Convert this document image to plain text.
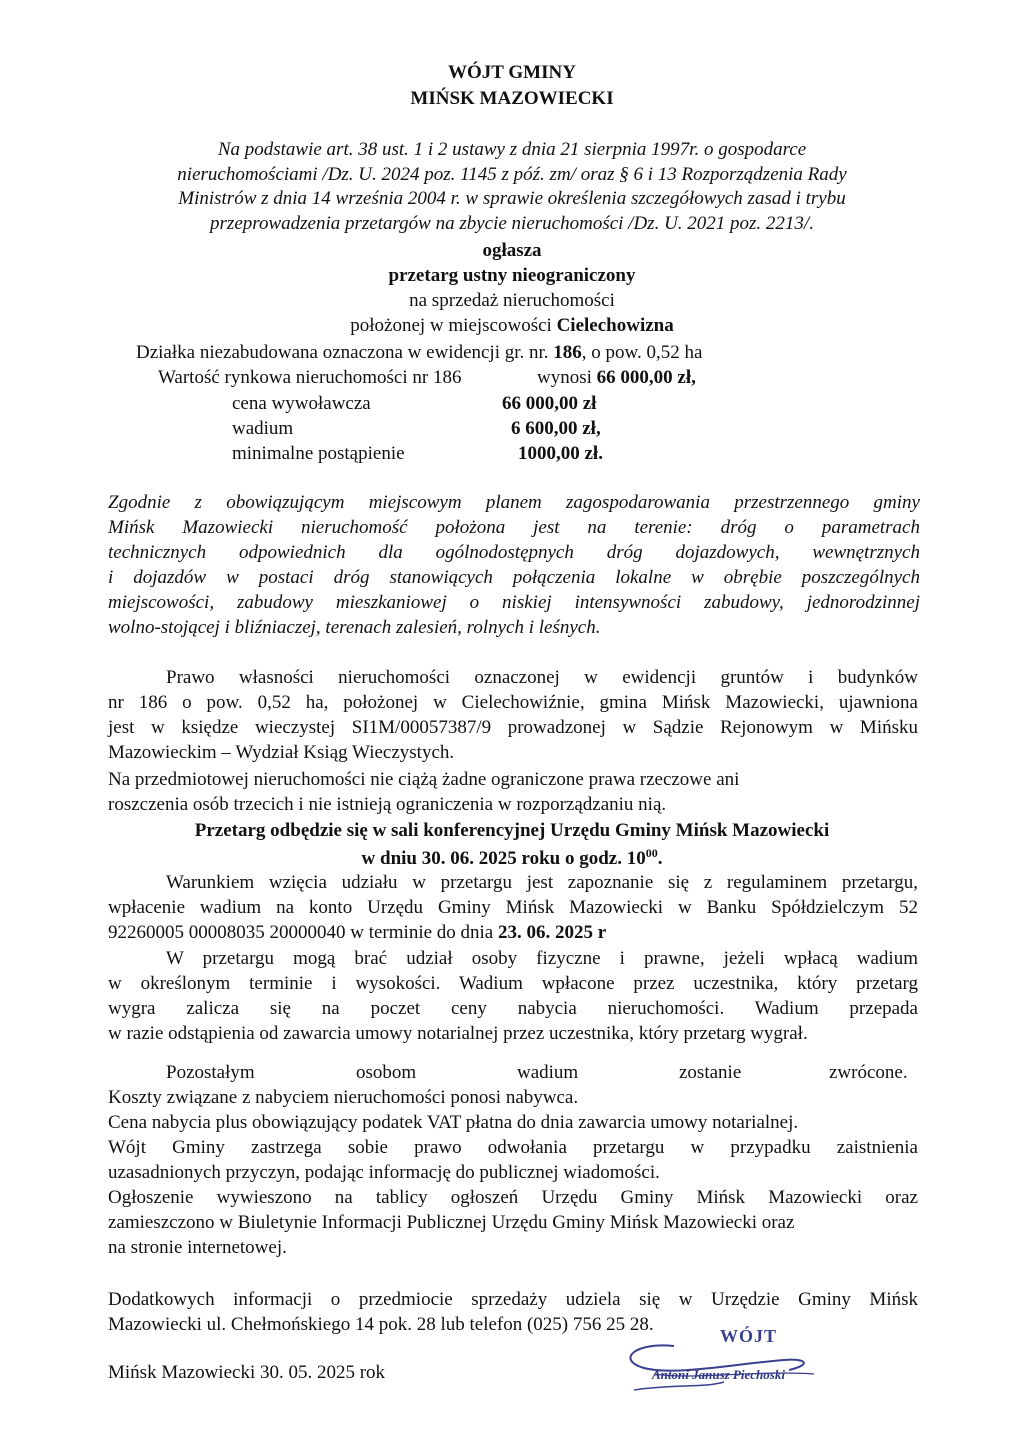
WÓJT GMINY
MIŃSK MAZOWIECKI
Na podstawie art. 38 ust. 1 i 2 ustawy z dnia 21 sierpnia 1997r. o gospodarce
nieruchomościami /Dz. U. 2024 poz. 1145 z póź. zm/ oraz § 6 i 13 Rozporządzenia Rady
Ministrów z dnia 14 września 2004 r. w sprawie określenia szczegółowych zasad i trybu
przeprowadzenia przetargów na zbycie nieruchomości /Dz. U. 2021 poz. 2213/.
ogłasza
przetarg ustny nieograniczony
na sprzedaż nieruchomości
położonej w miejscowości Cielechowizna
Działka niezabudowana oznaczona w ewidencji gr. nr. 186, o pow. 0,52 ha
Wartość rynkowa nieruchomości nr 186	wynosi 66 000,00 zł,
cena wywoławcza	66 000,00 zł
wadium	6 600,00 zł,
minimalne postąpienie	1000,00 zł.
Zgodnie z obowiązującym miejscowym planem zagospodarowania przestrzennego gminy
Mińsk Mazowiecki nieruchomość położona jest na terenie: dróg o parametrach
technicznych odpowiednich dla ogólnodostępnych dróg dojazdowych, wewnętrznych
i dojazdów w postaci dróg stanowiących połączenia lokalne w obrębie poszczególnych
miejscowości, zabudowy mieszkaniowej o niskiej intensywności zabudowy, jednorodzinnej
wolno-stojącej i bliźniaczej, terenach zalesień, rolnych i leśnych.
Prawo własności nieruchomości oznaczonej w ewidencji gruntów i budynków
nr 186 o pow. 0,52 ha, położonej w Cielechowiźnie, gmina Mińsk Mazowiecki, ujawniona
jest w księdze wieczystej SI1M/00057387/9 prowadzonej w Sądzie Rejonowym w Mińsku
Mazowieckim – Wydział Ksiąg Wieczystych.
Na przedmiotowej nieruchomości nie ciążą żadne ograniczone prawa rzeczowe ani
roszczenia osób trzecich i nie istnieją ograniczenia w rozporządzaniu nią.
Przetarg odbędzie się w sali konferencyjnej Urzędu Gminy Mińsk Mazowiecki
w dniu 30. 06. 2025 roku o godz. $10^{00}$.
Warunkiem wzięcia udziału w przetargu jest zapoznanie się z regulaminem przetargu,
wpłacenie wadium na konto Urzędu Gminy Mińsk Mazowiecki w Banku Spółdzielczym 52
92260005 00008035 20000040 w terminie do dnia 23. 06. 2025 r
W przetargu mogą brać udział osoby fizyczne i prawne, jeżeli wpłacą wadium
w określonym terminie i wysokości. Wadium wpłacone przez uczestnika, który przetarg
wygra zalicza się na poczet ceny nabycia nieruchomości. Wadium przepada
w razie odstąpienia od zawarcia umowy notarialnej przez uczestnika, który przetarg wygrał.
Pozostałym	osobom	wadium	zostanie	zwrócone.
Koszty związane z nabyciem nieruchomości ponosi nabywca.
Cena nabycia plus obowiązujący podatek VAT płatna do dnia zawarcia umowy notarialnej.
Wójt Gminy zastrzega sobie prawo odwołania przetargu w przypadku zaistnienia
uzasadnionych przyczyn, podając informację do publicznej wiadomości.
Ogłoszenie wywieszono na tablicy ogłoszeń Urzędu Gminy Mińsk Mazowiecki oraz
zamieszczono w Biuletynie Informacji Publicznej Urzędu Gminy Mińsk Mazowiecki oraz
na stronie internetowej.
Dodatkowych informacji o przedmiocie sprzedaży udziela się w Urzędzie Gminy Mińsk
Mazowiecki ul. Chełmońskiego 14 pok. 28 lub telefon (025) 756 25 28.
Mińsk Mazowiecki 30. 05. 2025 rok
WÓJT
Antoni Janusz Piechoski
